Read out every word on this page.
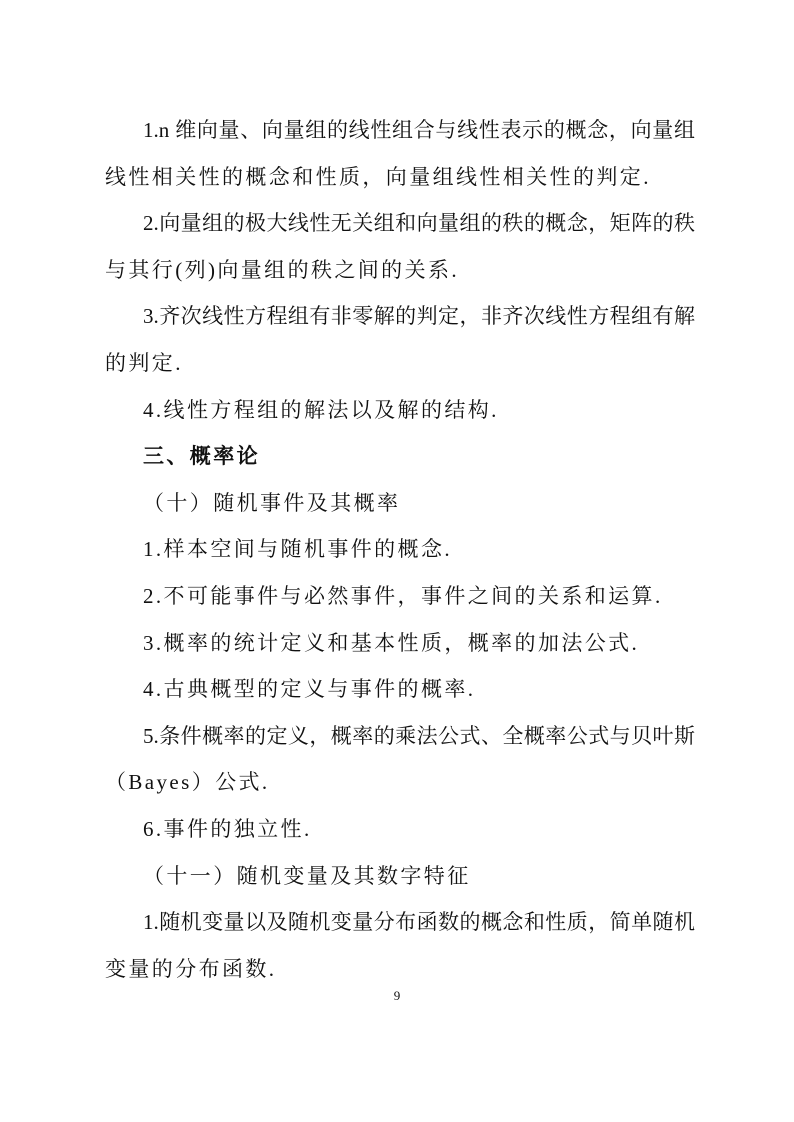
1.n 维向量、向量组的线性组合与线性表示的概念，向量组
线性相关性的概念和性质，向量组线性相关性的判定.
2.向量组的极大线性无关组和向量组的秩的概念，矩阵的秩
与其行(列)向量组的秩之间的关系.
3.齐次线性方程组有非零解的判定，非齐次线性方程组有解
的判定.
4.线性方程组的解法以及解的结构.
三、概率论
（十）随机事件及其概率
1.样本空间与随机事件的概念.
2.不可能事件与必然事件，事件之间的关系和运算.
3.概率的统计定义和基本性质，概率的加法公式.
4.古典概型的定义与事件的概率.
5.条件概率的定义，概率的乘法公式、全概率公式与贝叶斯
（Bayes）公式.
6.事件的独立性.
（十一）随机变量及其数字特征
1.随机变量以及随机变量分布函数的概念和性质，简单随机
变量的分布函数.
9
